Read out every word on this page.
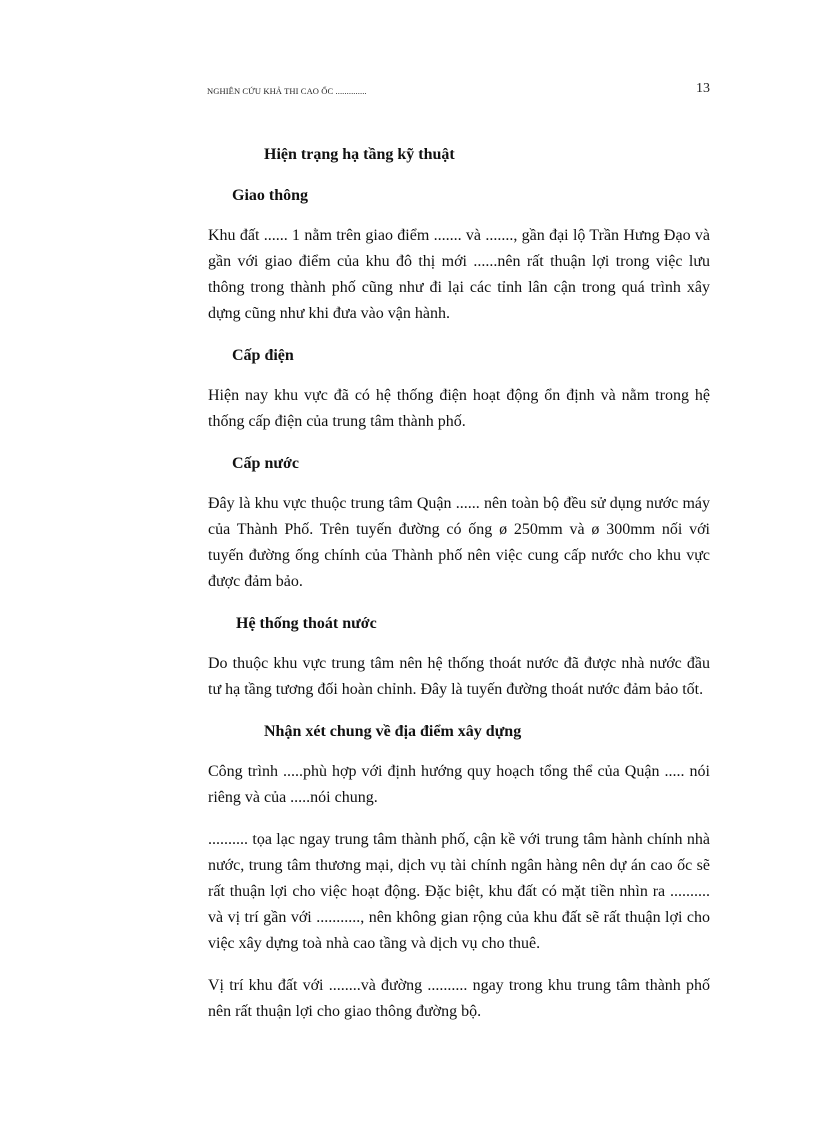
NGHIÊN CỨU KHẢ THI CAO ỐC ..............	13

Hiện trạng hạ tầng kỹ thuật

Giao thông

Khu đất ...... 1 nằm trên giao điểm ....... và ......., gần đại lộ Trần Hưng Đạo và gần với giao điểm của khu đô thị mới ......nên rất thuận lợi trong việc lưu thông trong thành phố cũng như đi lại các tỉnh lân cận trong quá trình xây dựng cũng như khi đưa vào vận hành.

Cấp điện

Hiện nay khu vực đã có hệ thống điện hoạt động ổn định và nằm trong hệ thống cấp điện của trung tâm thành phố.

Cấp nước

Đây là khu vực thuộc trung tâm Quận ...... nên toàn bộ đều sử dụng nước máy của Thành Phố. Trên tuyến đường có ống ø 250mm và ø 300mm nối với tuyến đường ống chính của Thành phố nên việc cung cấp nước cho khu vực được đảm bảo.

Hệ thống thoát nước

Do thuộc khu vực trung tâm nên hệ thống thoát nước đã được nhà nước đầu tư hạ tầng tương đối hoàn chỉnh. Đây là tuyến đường thoát nước đảm bảo tốt.

Nhận xét chung về địa điểm xây dựng

Công trình .....phù hợp với định hướng quy hoạch tổng thể của Quận ..... nói riêng và của .....nói chung.

.......... tọa lạc ngay trung tâm thành phố, cận kề với trung tâm hành chính nhà nước, trung tâm thương mại, dịch vụ tài chính ngân hàng nên dự án cao ốc sẽ rất thuận lợi cho việc hoạt động. Đặc biệt, khu đất có mặt tiền nhìn ra .......... và vị trí gần với ..........., nên không gian rộng của khu đất sẽ rất thuận lợi cho việc xây dựng toà nhà cao tầng và dịch vụ cho thuê.

Vị trí khu đất với ........và đường .......... ngay trong khu trung tâm thành phố nên rất thuận lợi cho giao thông đường bộ.
